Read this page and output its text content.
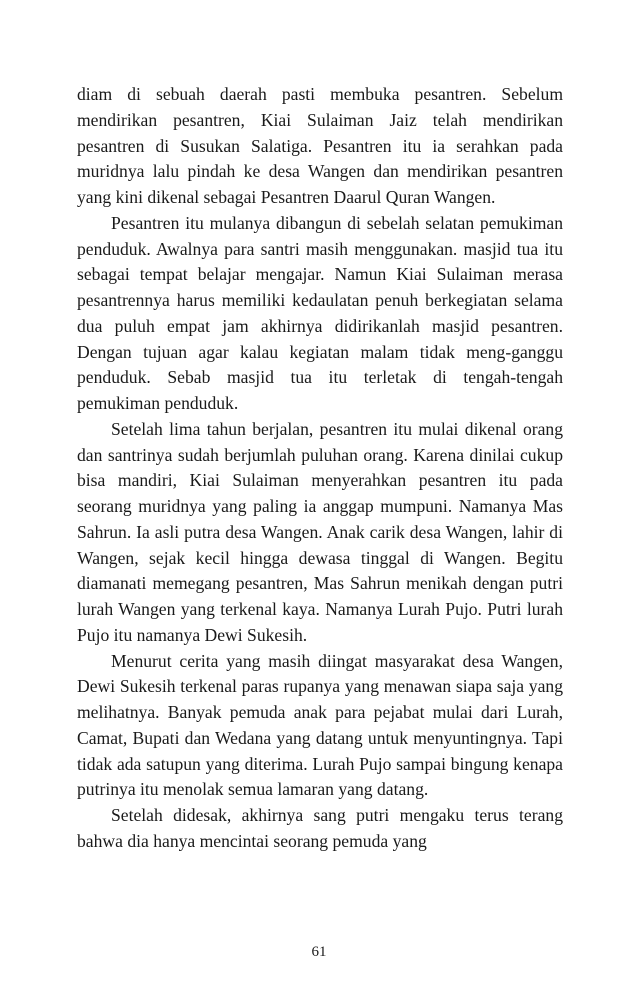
diam di sebuah daerah pasti membuka pesantren. Sebelum mendirikan pesantren, Kiai Sulaiman Jaiz telah mendirikan pesantren di Susukan Salatiga. Pesantren itu ia serahkan pada muridnya lalu pindah ke desa Wangen dan mendirikan pesantren yang kini dikenal sebagai Pesantren Daarul Quran Wangen.

Pesantren itu mulanya dibangun di sebelah selatan pemukiman penduduk. Awalnya para santri masih menggunakan. masjid tua itu sebagai tempat belajar mengajar. Namun Kiai Sulaiman merasa pesantrennya harus memiliki kedaulatan penuh berkegiatan selama dua puluh empat jam akhirnya didirikanlah masjid pesantren. Dengan tujuan agar kalau kegiatan malam tidak meng-ganggu penduduk. Sebab masjid tua itu terletak di tengah-tengah pemukiman penduduk.

Setelah lima tahun berjalan, pesantren itu mulai dikenal orang dan santrinya sudah berjumlah puluhan orang. Karena dinilai cukup bisa mandiri, Kiai Sulaiman menyerahkan pesantren itu pada seorang muridnya yang paling ia anggap mumpuni. Namanya Mas Sahrun. Ia asli putra desa Wangen. Anak carik desa Wangen, lahir di Wangen, sejak kecil hingga dewasa tinggal di Wangen. Begitu diamanati memegang pesantren, Mas Sahrun menikah dengan putri lurah Wangen yang terkenal kaya. Namanya Lurah Pujo. Putri lurah Pujo itu namanya Dewi Sukesih.

Menurut cerita yang masih diingat masyarakat desa Wangen, Dewi Sukesih terkenal paras rupanya yang menawan siapa saja yang melihatnya. Banyak pemuda anak para pejabat mulai dari Lurah, Camat, Bupati dan Wedana yang datang untuk menyuntingnya. Tapi tidak ada satupun yang diterima. Lurah Pujo sampai bingung kenapa putrinya itu menolak semua lamaran yang datang.

Setelah didesak, akhirnya sang putri mengaku terus terang bahwa dia hanya mencintai seorang pemuda yang

61
